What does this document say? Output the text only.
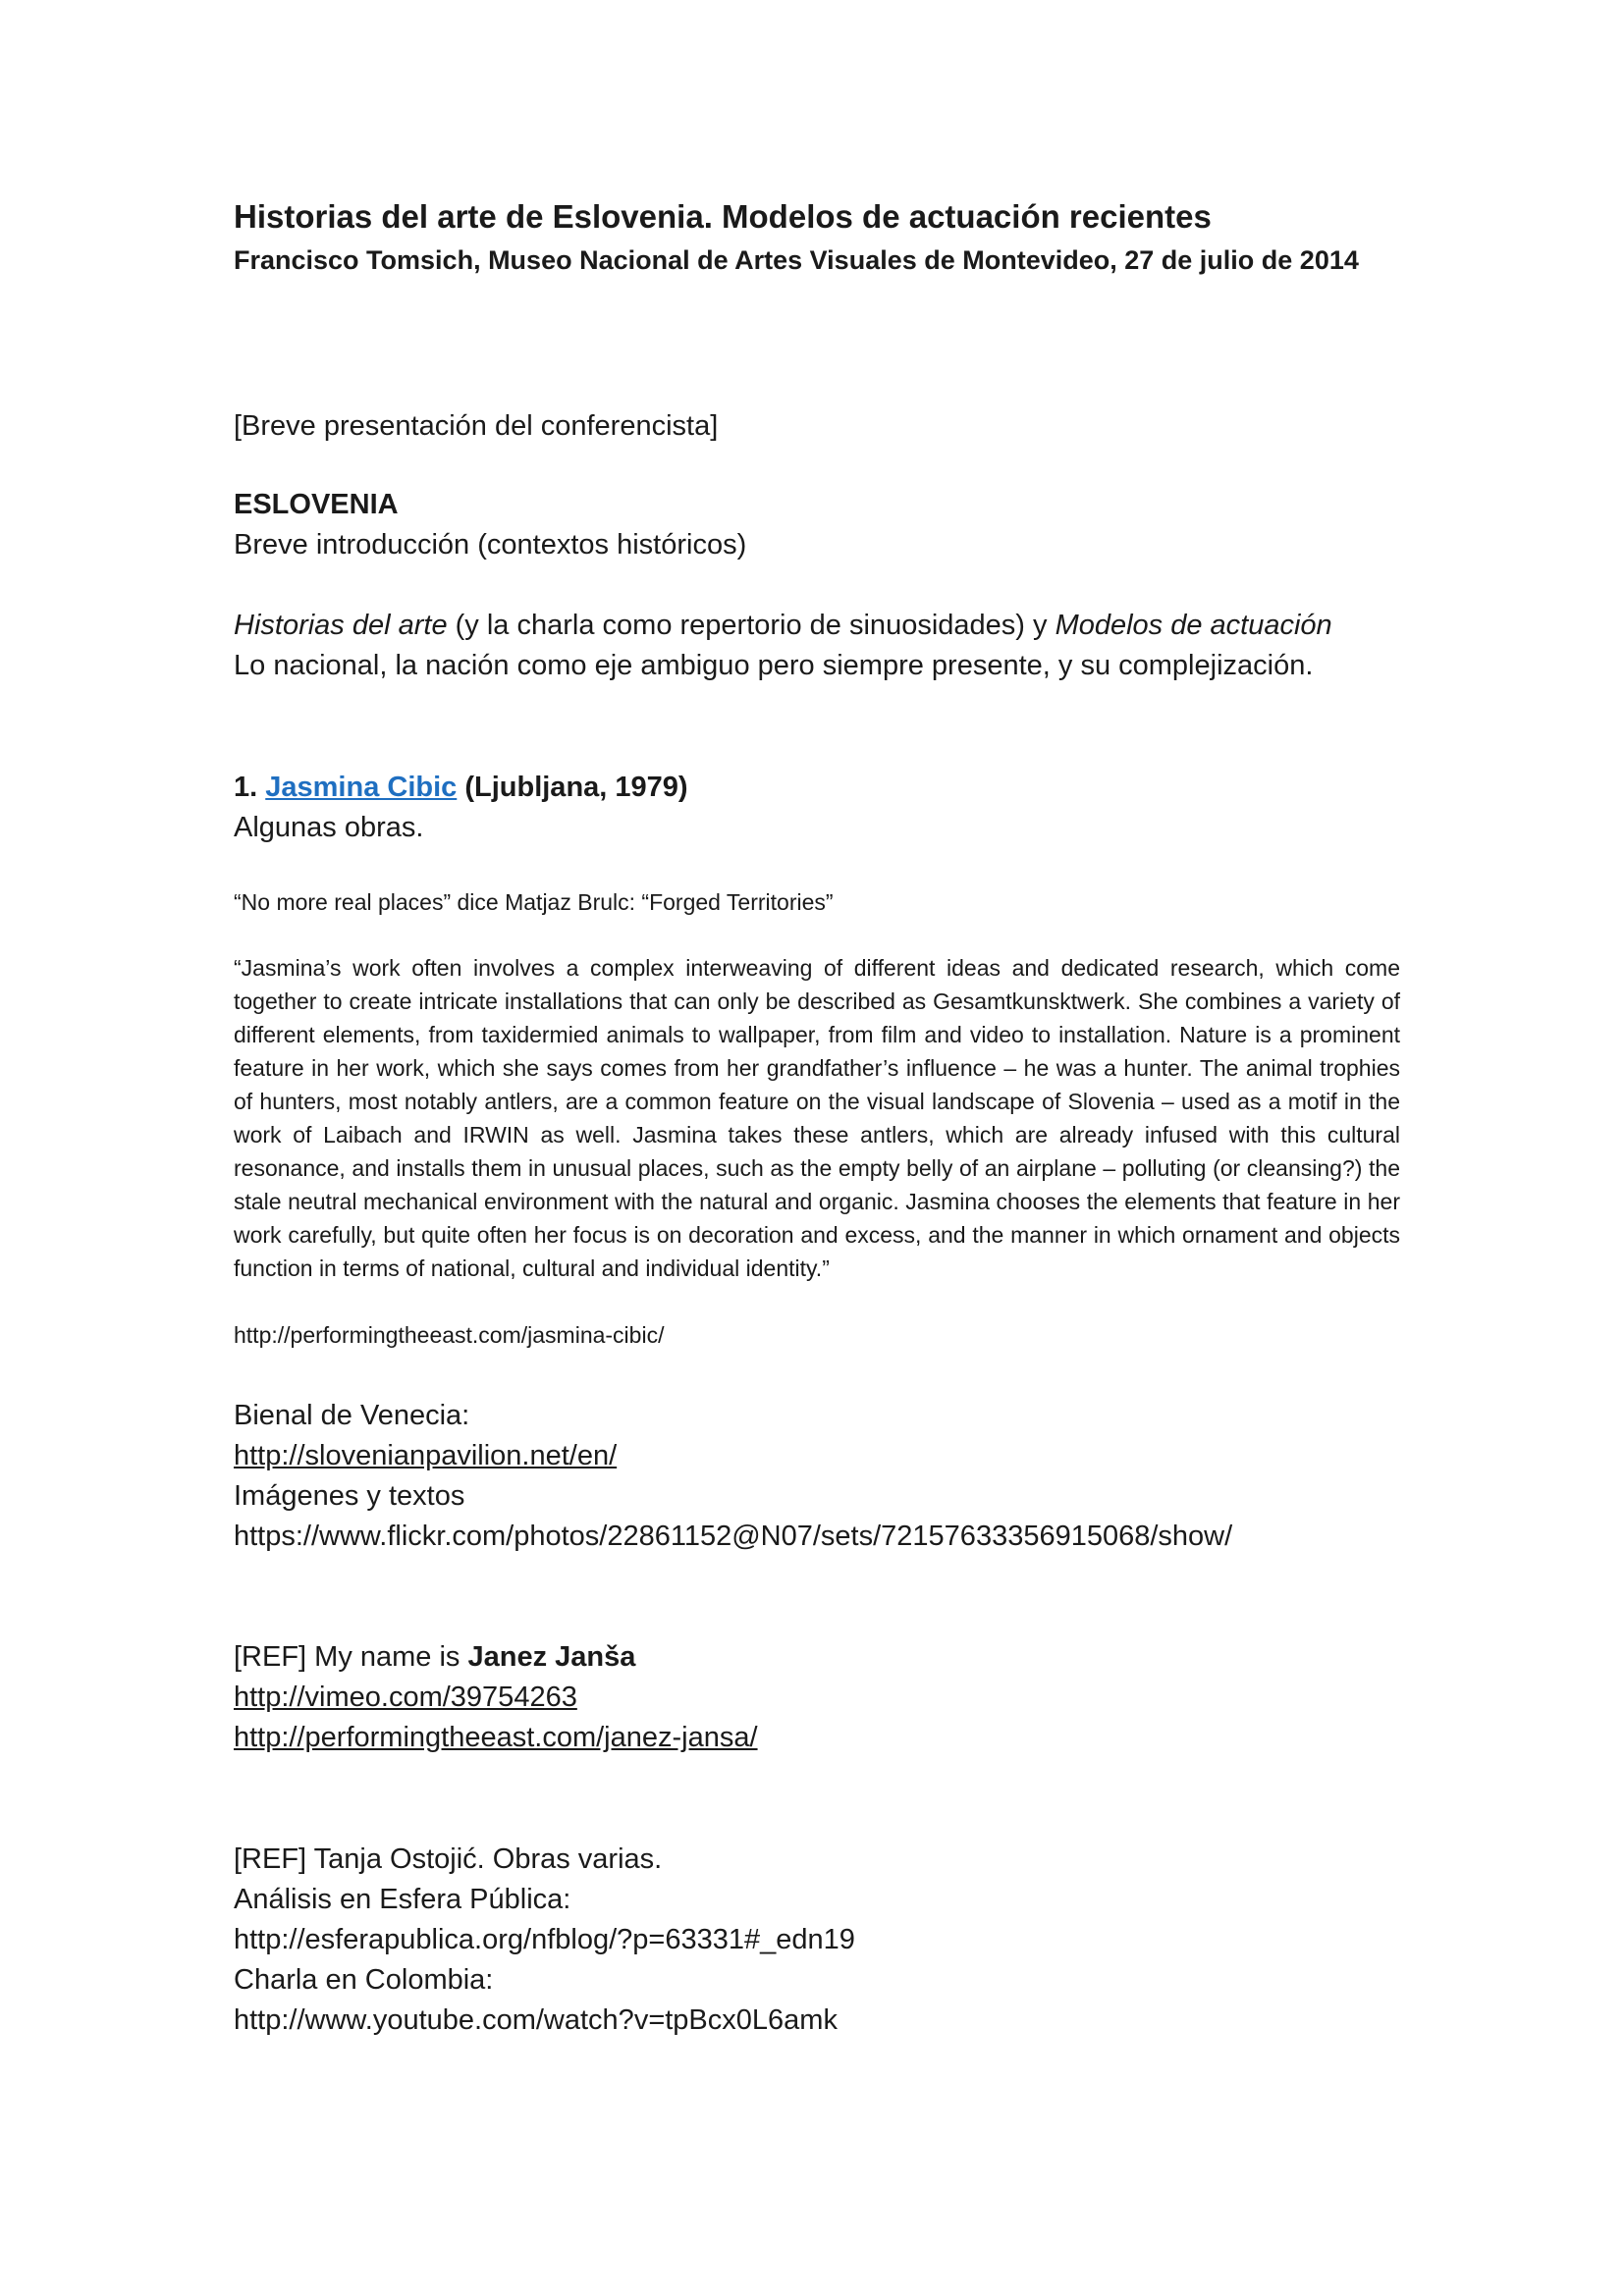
Historias del arte de Eslovenia. Modelos de actuación recientes
Francisco Tomsich, Museo Nacional de Artes Visuales de Montevideo, 27 de julio de 2014
[Breve presentación del conferencista]
ESLOVENIA
Breve introducción (contextos históricos)
Historias del arte (y la charla como repertorio de sinuosidades) y Modelos de actuación
Lo nacional, la nación como eje ambiguo pero siempre presente, y su complejización.
1. Jasmina Cibic (Ljubljana, 1979)
Algunas obras.
“No more real places” dice Matjaz Brulc: “Forged Territories”
“Jasmina’s work often involves a complex interweaving of different ideas and dedicated research, which come together to create intricate installations that can only be described as Gesamtkunsktwerk. She combines a variety of different elements, from taxidermied animals to wallpaper, from film and video to installation. Nature is a prominent feature in her work, which she says comes from her grandfather’s influence – he was a hunter. The animal trophies of hunters, most notably antlers, are a common feature on the visual landscape of Slovenia – used as a motif in the work of Laibach and IRWIN as well. Jasmina takes these antlers, which are already infused with this cultural resonance, and installs them in unusual places, such as the empty belly of an airplane – polluting (or cleansing?) the stale neutral mechanical environment with the natural and organic. Jasmina chooses the elements that feature in her work carefully, but quite often her focus is on decoration and excess, and the manner in which ornament and objects function in terms of national, cultural and individual identity.”
http://performingtheeast.com/jasmina-cibic/
Bienal de Venecia:
http://slovenianpavilion.net/en/
Imágenes y textos
https://www.flickr.com/photos/22861152@N07/sets/72157633356915068/show/
[REF] My name is Janez Janša
http://vimeo.com/39754263
http://performingtheeast.com/janez-jansa/
[REF] Tanja Ostojić. Obras varias.
Análisis en Esfera Pública:
http://esferapublica.org/nfblog/?p=63331#_edn19
Charla en Colombia:
http://www.youtube.com/watch?v=tpBcx0L6amk
